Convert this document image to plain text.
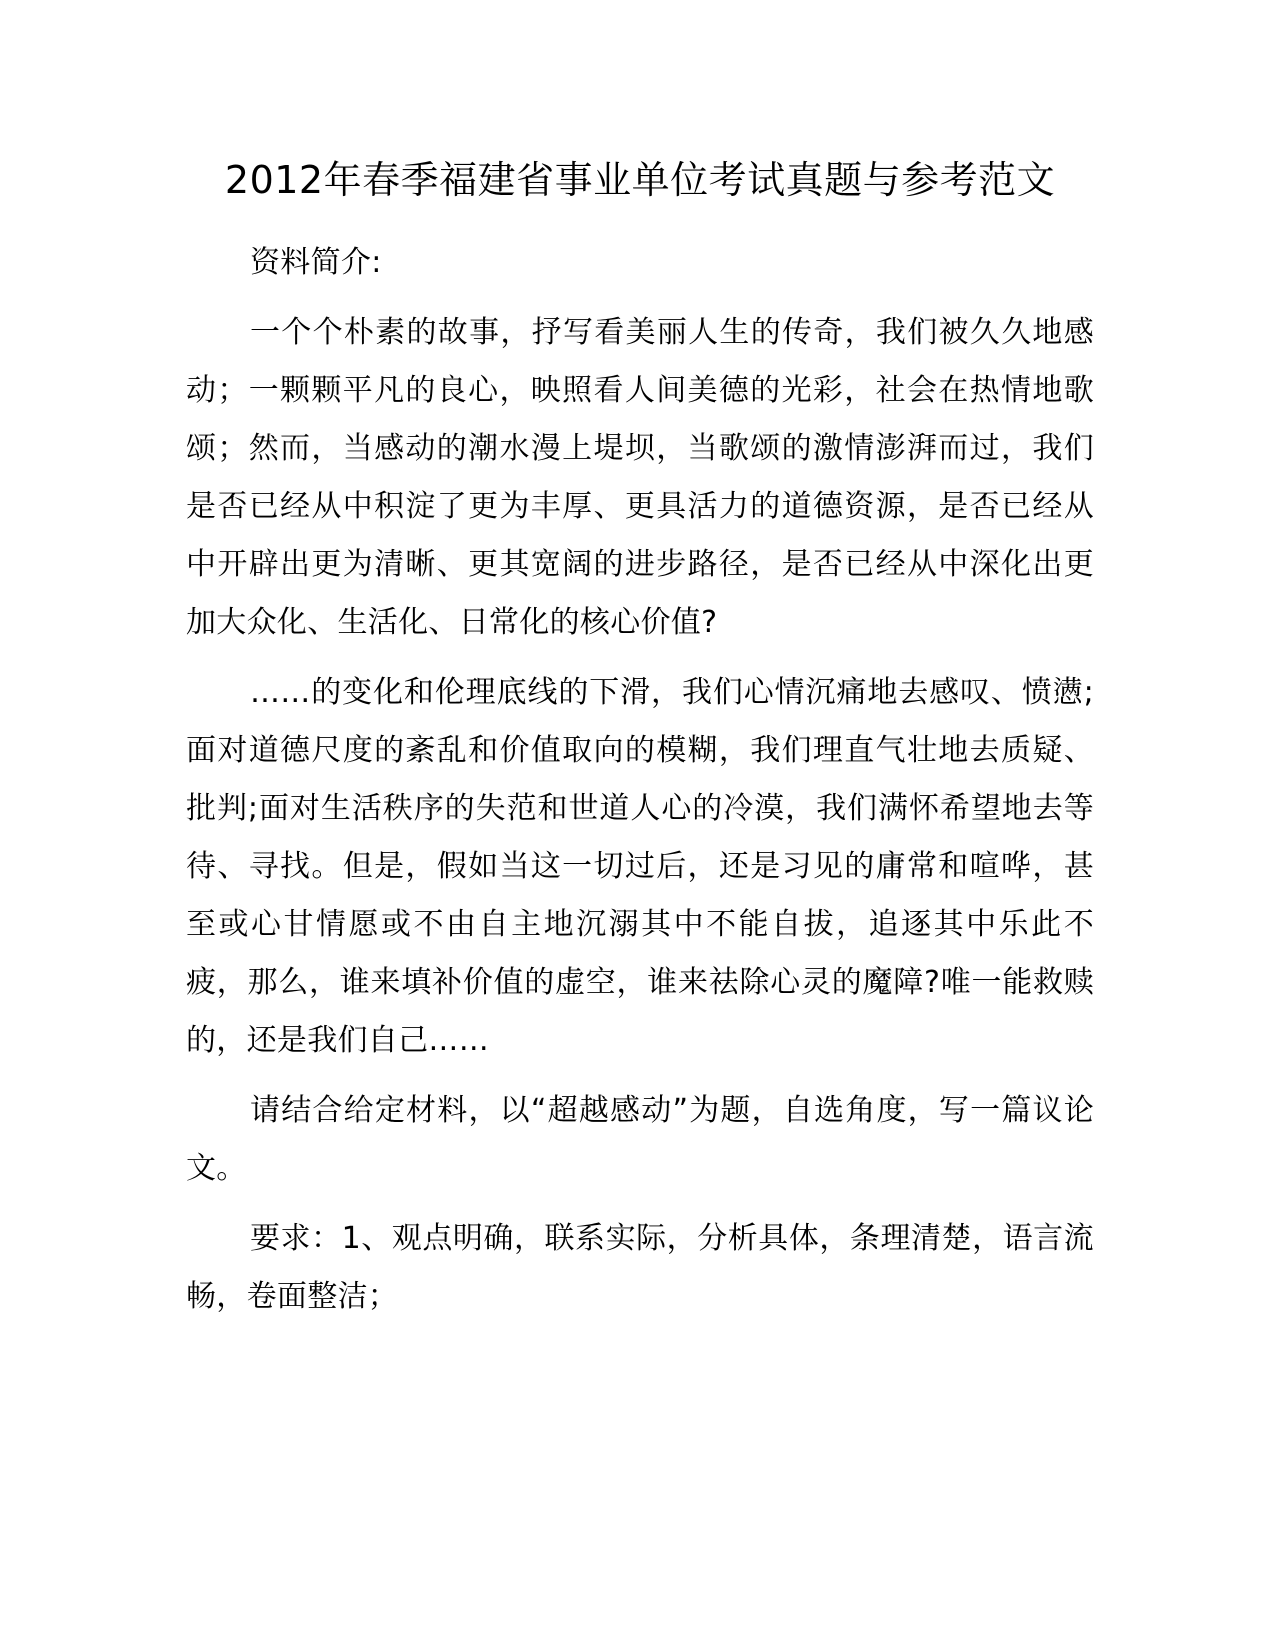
2012年春季福建省事业单位考试真题与参考范文

资料简介:

一个个朴素的故事，抒写看美丽人生的传奇，我们被久久地感动；一颗颗平凡的良心，映照看人间美德的光彩，社会在热情地歌颂；然而，当感动的潮水漫上堤坝，当歌颂的激情澎湃而过，我们是否已经从中积淀了更为丰厚、更具活力的道德资源，是否已经从中开辟出更为清晰、更其宽阔的进步路径，是否已经从中深化出更加大众化、生活化、日常化的核心价值?

……的变化和伦理底线的下滑，我们心情沉痛地去感叹、愤懑;面对道德尺度的紊乱和价值取向的模糊，我们理直气壮地去质疑、批判;面对生活秩序的失范和世道人心的冷漠，我们满怀希望地去等待、寻找。但是，假如当这一切过后，还是习见的庸常和喧哗，甚至或心甘情愿或不由自主地沉溺其中不能自拔，追逐其中乐此不疲，那么，谁来填补价值的虚空，谁来祛除心灵的魔障?唯一能救赎的，还是我们自己……

请结合给定材料，以“超越感动”为题，自选角度，写一篇议论文。

要求：1、观点明确，联系实际，分析具体，条理清楚，语言流畅，卷面整洁；
